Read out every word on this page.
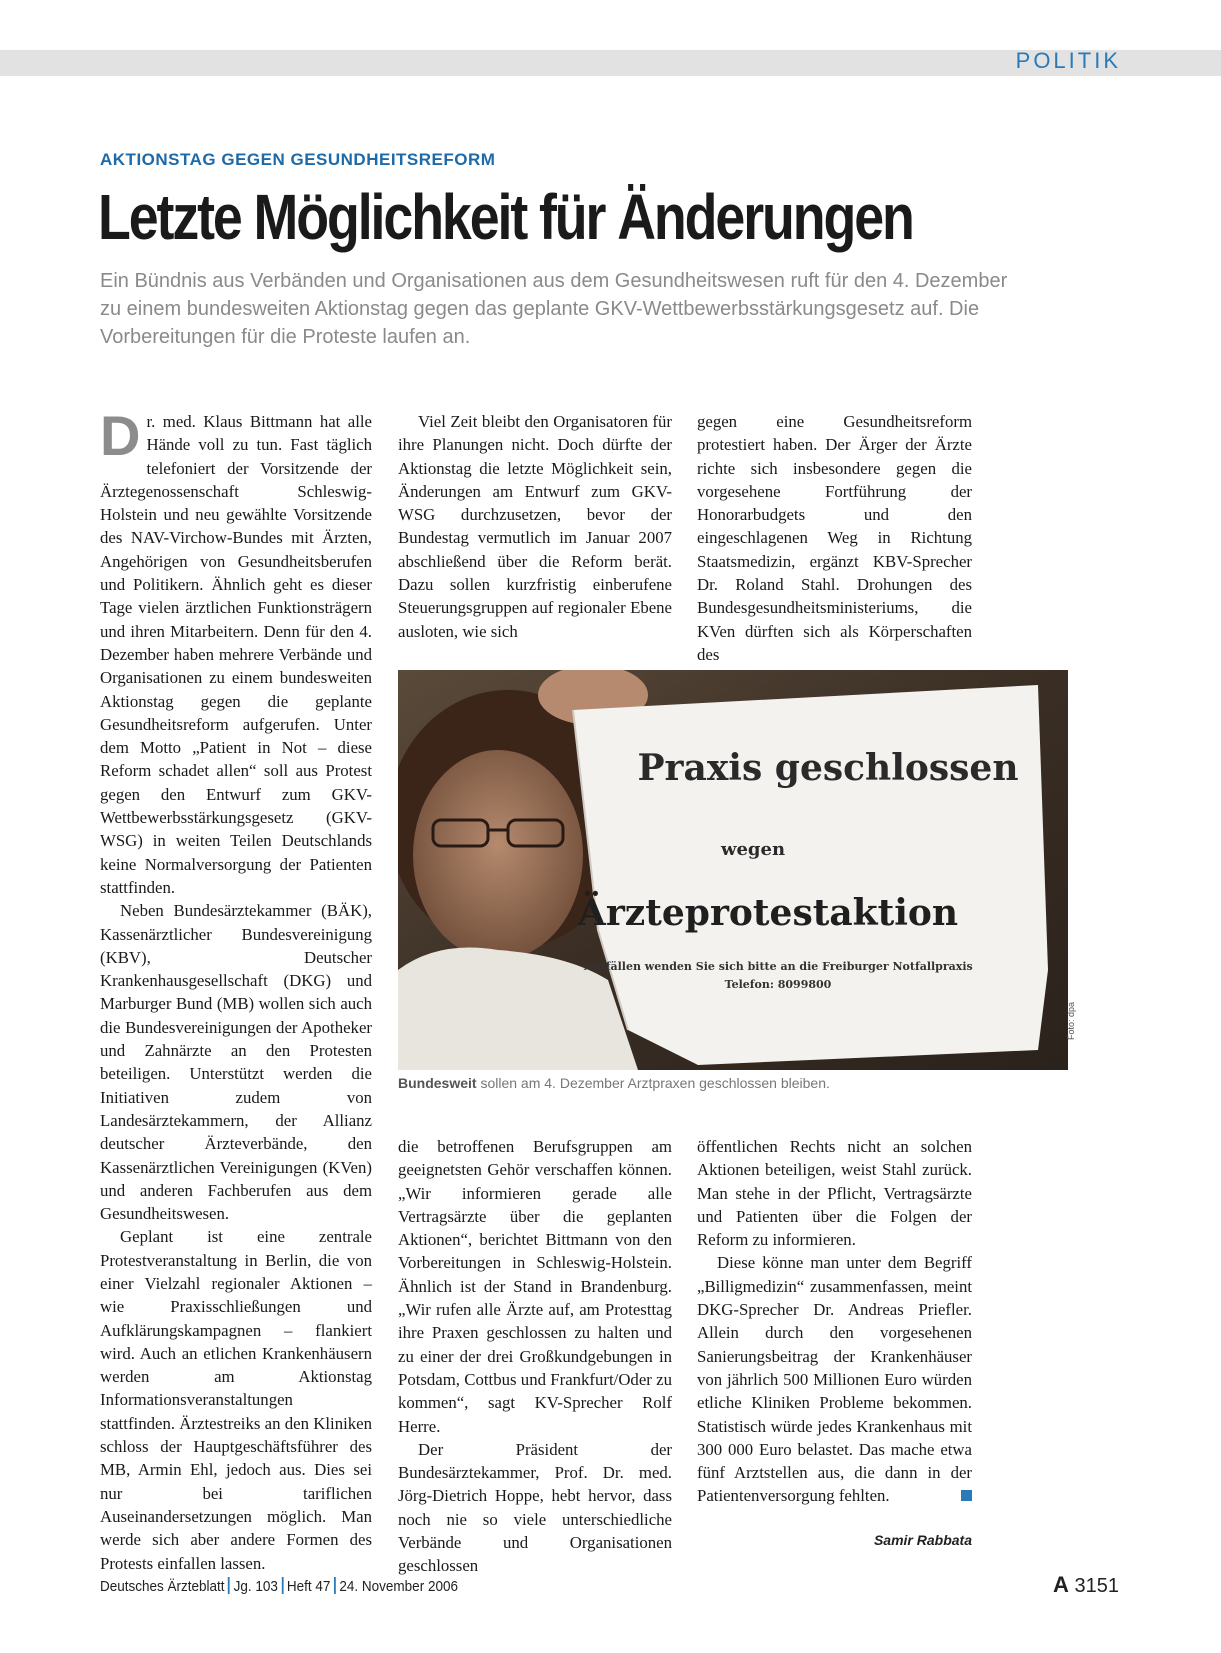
POLITIK
AKTIONSTAG GEGEN GESUNDHEITSREFORM
Letzte Möglichkeit für Änderungen
Ein Bündnis aus Verbänden und Organisationen aus dem Gesundheitswesen ruft für den 4. Dezember zu einem bundesweiten Aktionstag gegen das geplante GKV-Wettbewerbsstärkungsgesetz auf. Die Vorbereitungen für die Proteste laufen an.

Dr. med. Klaus Bittmann hat alle Hände voll zu tun. Fast täglich telefoniert der Vorsitzende der Ärztegenossenschaft Schleswig-Holstein und neu gewählte Vorsitzende des NAV-Virchow-Bundes mit Ärzten, Angehörigen von Gesundheitsberufen und Politikern. Ähnlich geht es dieser Tage vielen ärztlichen Funktionsträgern und ihren Mitarbeitern. Denn für den 4. Dezember haben mehrere Verbände und Organisationen zu einem bundesweiten Aktionstag gegen die geplante Gesundheitsreform aufgerufen. Unter dem Motto „Patient in Not – diese Reform schadet allen“ soll aus Protest gegen den Entwurf zum GKV-Wettbewerbsstärkungsgesetz (GKV-WSG) in weiten Teilen Deutschlands keine Normalversorgung der Patienten stattfinden.

Neben Bundesärztekammer (BÄK), Kassenärztlicher Bundesvereinigung (KBV), Deutscher Krankenhausgesellschaft (DKG) und Marburger Bund (MB) wollen sich auch die Bundesvereinigungen der Apotheker und Zahnärzte an den Protesten beteiligen. Unterstützt werden die Initiativen zudem von Landesärztekammern, der Allianz deutscher Ärzteverbände, den Kassenärztlichen Vereinigungen (KVen) und anderen Fachberufen aus dem Gesundheitswesen.

Geplant ist eine zentrale Protestveranstaltung in Berlin, die von einer Vielzahl regionaler Aktionen – wie Praxisschließungen und Aufklärungskampagnen – flankiert wird. Auch an etlichen Krankenhäusern werden am Aktionstag Informationsveranstaltungen stattfinden. Ärztestreiks an den Kliniken schloss der Hauptgeschäftsführer des MB, Armin Ehl, jedoch aus. Dies sei nur bei tariflichen Auseinandersetzungen möglich. Man werde sich aber andere Formen des Protests einfallen lassen.

Viel Zeit bleibt den Organisatoren für ihre Planungen nicht. Doch dürfte der Aktionstag die letzte Möglichkeit sein, Änderungen am Entwurf zum GKV-WSG durchzusetzen, bevor der Bundestag vermutlich im Januar 2007 abschließend über die Reform berät. Dazu sollen kurzfristig einberufene Steuerungsgruppen auf regionaler Ebene ausloten, wie sich

gegen eine Gesundheitsreform protestiert haben. Der Ärger der Ärzte richte sich insbesondere gegen die vorgesehene Fortführung der Honorarbudgets und den eingeschlagenen Weg in Richtung Staatsmedizin, ergänzt KBV-Sprecher Dr. Roland Stahl. Drohungen des Bundesgesundheitsministeriums, die KVen dürften sich als Körperschaften des

Praxis geschlossen
wegen
Ärzteprotestaktion
Notfällen wenden Sie sich bitte an die Freiburger Notfallpraxis
Telefon: 8099800
Foto: dpa
Bundesweit sollen am 4. Dezember Arztpraxen geschlossen bleiben.

die betroffenen Berufsgruppen am geeignetsten Gehör verschaffen können. „Wir informieren gerade alle Vertragsärzte über die geplanten Aktionen“, berichtet Bittmann von den Vorbereitungen in Schleswig-Holstein. Ähnlich ist der Stand in Brandenburg. „Wir rufen alle Ärzte auf, am Protesttag ihre Praxen geschlossen zu halten und zu einer der drei Großkundgebungen in Potsdam, Cottbus und Frankfurt/Oder zu kommen“, sagt KV-Sprecher Rolf Herre.

Der Präsident der Bundesärztekammer, Prof. Dr. med. Jörg-Dietrich Hoppe, hebt hervor, dass noch nie so viele unterschiedliche Verbände und Organisationen geschlossen

öffentlichen Rechts nicht an solchen Aktionen beteiligen, weist Stahl zurück. Man stehe in der Pflicht, Vertragsärzte und Patienten über die Folgen der Reform zu informieren.

Diese könne man unter dem Begriff „Billigmedizin“ zusammenfassen, meint DKG-Sprecher Dr. Andreas Priefler. Allein durch den vorgesehenen Sanierungsbeitrag der Krankenhäuser von jährlich 500 Millionen Euro würden etliche Kliniken Probleme bekommen. Statistisch würde jedes Krankenhaus mit 300 000 Euro belastet. Das mache etwa fünf Arztstellen aus, die dann in der Patientenversorgung fehlten.

Samir Rabbata
Deutsches Ärzteblatt Jg. 103 Heft 47 24. November 2006	A 3151
